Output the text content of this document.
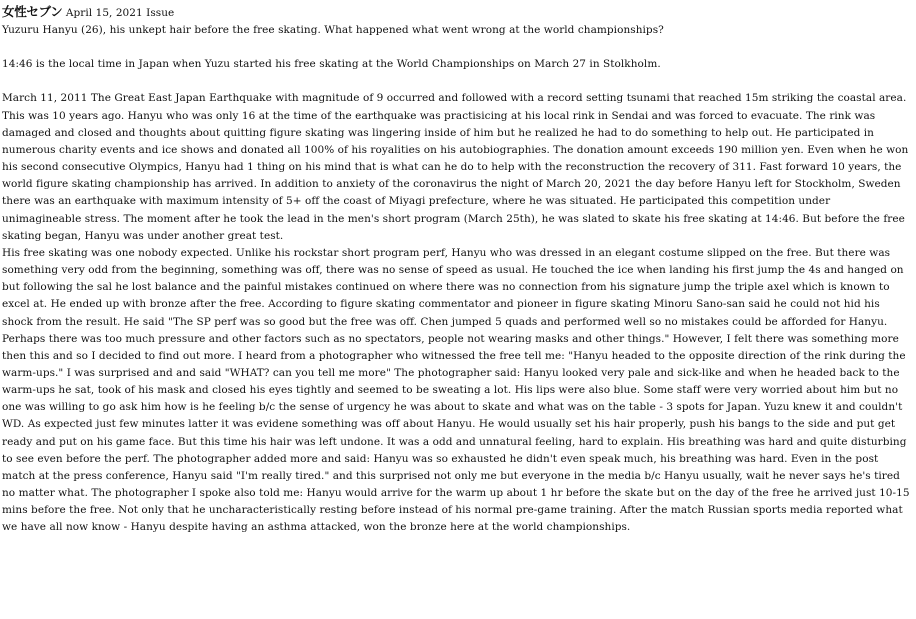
女性セブン April 15, 2021 Issue

Yuzuru Hanyu (26), his unkept hair before the free skating. What happened what went wrong at the world championships?

14:46 is the local time in Japan when Yuzu started his free skating at the World Championships on March 27 in Stolkholm.

March 11, 2011 The Great East Japan Earthquake with magnitude of 9 occurred and followed with a record setting tsunami that reached 15m striking the coastal area. This was 10 years ago. Hanyu who was only 16 at the time of the earthquake was practisicing at his local rink in Sendai and was forced to evacuate. The rink was damaged and closed and thoughts about quitting figure skating was lingering inside of him but he realized he had to do something to help out. He participated in numerous charity events and ice shows and donated all 100% of his royalities on his autobiographies. The donation amount exceeds 190 million yen. Even when he won his second consecutive Olympics, Hanyu had 1 thing on his mind that is what can he do to help with the reconstruction the recovery of 311. Fast forward 10 years, the world figure skating championship has arrived. In addition to anxiety of the coronavirus the night of March 20, 2021 the day before Hanyu left for Stockholm, Sweden there was an earthquake with maximum intensity of 5+ off the coast of Miyagi prefecture, where he was situated. He participated this competition under unimagineable stress. The moment after he took the lead in the men's short program (March 25th), he was slated to skate his free skating at 14:46. But before the free skating began, Hanyu was under another great test.

His free skating was one nobody expected. Unlike his rockstar short program perf, Hanyu who was dressed in an elegant costume slipped on the free. But there was something very odd from the beginning, something was off, there was no sense of speed as usual. He touched the ice when landing his first jump the 4s and hanged on but following the sal he lost balance and the painful mistakes continued on where there was no connection from his signature jump the triple axel which is known to excel at. He ended up with bronze after the free. According to figure skating commentator and pioneer in figure skating Minoru Sano-san said he could not hid his shock from the result. He said "The SP perf was so good but the free was off. Chen jumped 5 quads and performed well so no mistakes could be afforded for Hanyu. Perhaps there was too much pressure and other factors such as no spectators, people not wearing masks and other things." However, I felt there was something more then this and so I decided to find out more. I heard from a photographer who witnessed the free tell me: "Hanyu headed to the opposite direction of the rink during the warm-ups." I was surprised and and said "WHAT? can you tell me more" The photographer said: Hanyu looked very pale and sick-like and when he headed back to the warm-ups he sat, took of his mask and closed his eyes tightly and seemed to be sweating a lot. His lips were also blue. Some staff were very worried about him but no one was willing to go ask him how is he feeling b/c the sense of urgency he was about to skate and what was on the table - 3 spots for Japan. Yuzu knew it and couldn't WD. As expected just few minutes latter it was evidene something was off about Hanyu. He would usually set his hair properly, push his bangs to the side and put get ready and put on his game face. But this time his hair was left undone. It was a odd and unnatural feeling, hard to explain. His breathing was hard and quite disturbing to see even before the perf. The photographer added more and said: Hanyu was so exhausted he didn't even speak much, his breathing was hard. Even in the post match at the press conference, Hanyu said "I'm really tired." and this surprised not only me but everyone in the media b/c Hanyu usually, wait he never says he's tired no matter what. The photographer I spoke also told me: Hanyu would arrive for the warm up about 1 hr before the skate but on the day of the free he arrived just 10-15 mins before the free. Not only that he uncharacteristically resting before instead of his normal pre-game training. After the match Russian sports media reported what we have all now know - Hanyu despite having an asthma attacked, won the bronze here at the world championships.
